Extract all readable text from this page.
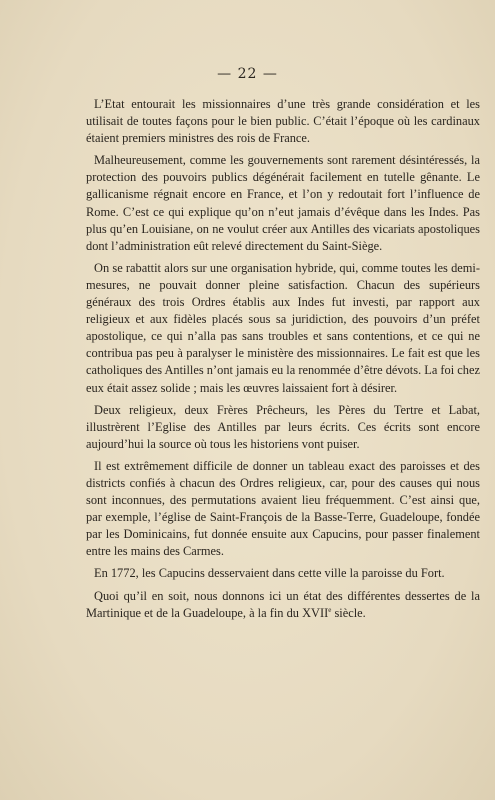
— 22 —

L’Etat entourait les missionnaires d’une très grande considération et les utilisait de toutes façons pour le bien public. C’était l’époque où les cardinaux étaient premiers ministres des rois de France.

Malheureusement, comme les gouvernements sont rarement désintéressés, la protection des pouvoirs publics dégénérait facilement en tutelle gênante. Le gallicanisme régnait encore en France, et l’on y redoutait fort l’influence de Rome. C’est ce qui explique qu’on n’eut jamais d’évêque dans les Indes. Pas plus qu’en Louisiane, on ne voulut créer aux Antilles des vicariats apostoliques dont l’administration eût relevé directement du Saint-Siège.

On se rabattit alors sur une organisation hybride, qui, comme toutes les demi-mesures, ne pouvait donner pleine satisfaction. Chacun des supérieurs généraux des trois Ordres établis aux Indes fut investi, par rapport aux religieux et aux fidèles placés sous sa juridiction, des pouvoirs d’un préfet apostolique, ce qui n’alla pas sans troubles et sans contentions, et ce qui ne contribua pas peu à paralyser le ministère des missionnaires. Le fait est que les catholiques des Antilles n’ont jamais eu la renommée d’être dévots. La foi chez eux était assez solide ; mais les œuvres laissaient fort à désirer.

Deux religieux, deux Frères Prêcheurs, les Pères du Tertre et Labat, illustrèrent l’Eglise des Antilles par leurs écrits. Ces écrits sont encore aujourd’hui la source où tous les historiens vont puiser.

Il est extrêmement difficile de donner un tableau exact des paroisses et des districts confiés à chacun des Ordres religieux, car, pour des causes qui nous sont inconnues, des permutations avaient lieu fréquemment. C’est ainsi que, par exemple, l’église de Saint-François de la Basse-Terre, Guadeloupe, fondée par les Dominicains, fut donnée ensuite aux Capucins, pour passer finalement entre les mains des Carmes.

En 1772, les Capucins desservaient dans cette ville la paroisse du Fort.

Quoi qu’il en soit, nous donnons ici un état des différentes dessertes de la Martinique et de la Guadeloupe, à la fin du XVIIe siècle.
